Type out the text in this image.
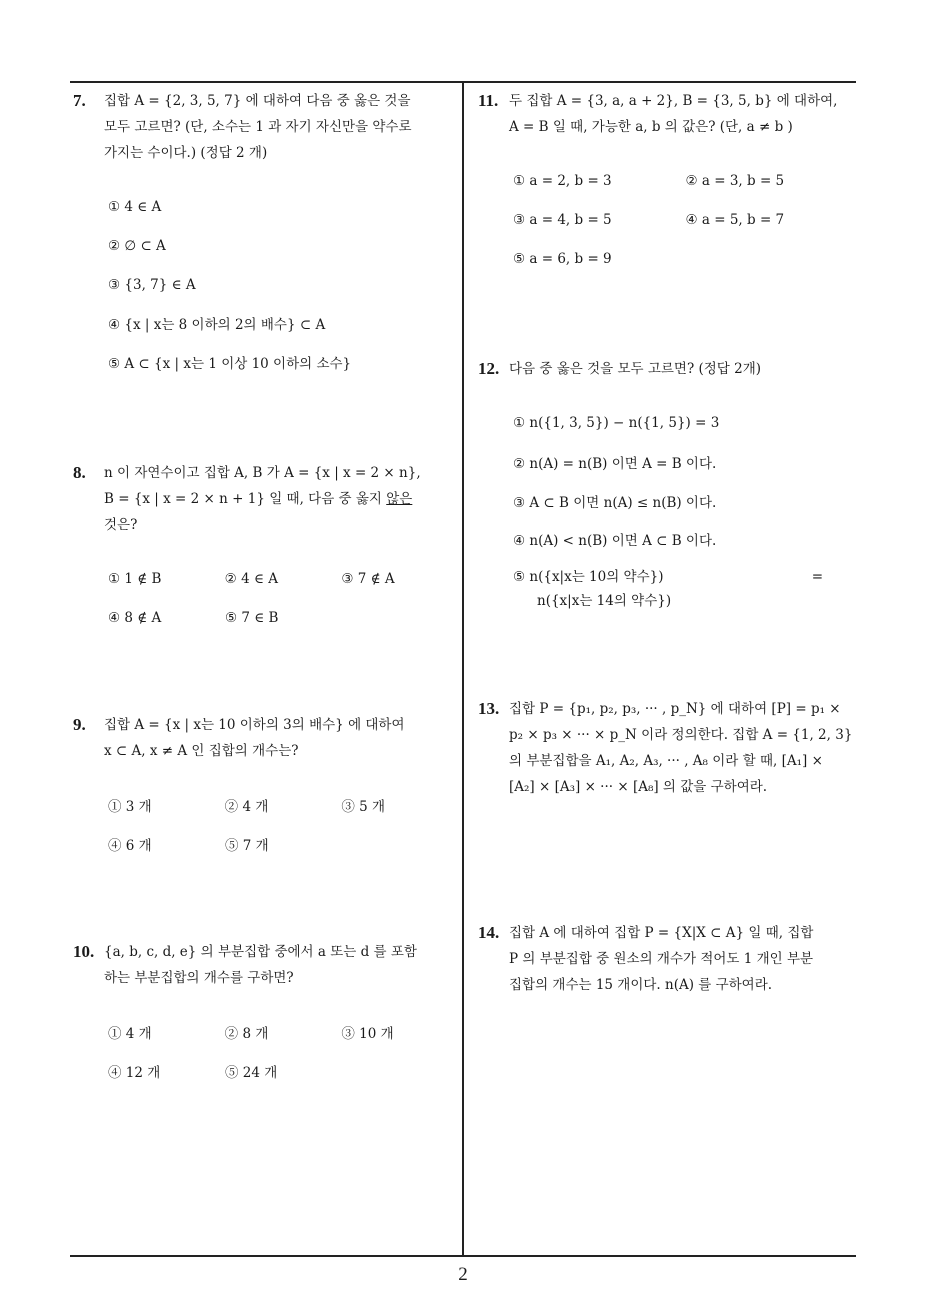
7.	집합 A = {2, 3, 5, 7} 에 대하여 다음 중 옳은 것을
모두 고르면? (단, 소수는 1 과 자기 자신만을 약수로
가지는 수이다.) (정답 2 개)
① 4 ∈ A
② ∅ ⊂ A
③ {3, 7} ∈ A
④ {x | x는 8 이하의 2의 배수} ⊂ A
⑤ A ⊂ {x | x는 1 이상 10 이하의 소수}
8.	n 이 자연수이고 집합 A, B 가 A = {x | x = 2 × n},
B = {x | x = 2 × n + 1} 일 때, 다음 중 옳지 않은
것은?
① 1 ∉ B	② 4 ∈ A	③ 7 ∉ A
④ 8 ∉ A	⑤ 7 ∈ B
9.	집합 A = {x | x는 10 이하의 3의 배수} 에 대하여
x ⊂ A, x ≠ A 인 집합의 개수는?
① 3 개	② 4 개	③ 5 개
④ 6 개	⑤ 7 개
10. {a, b, c, d, e} 의 부분집합 중에서 a 또는 d 를 포함
하는 부분집합의 개수를 구하면?
① 4 개	② 8 개	③ 10 개
④ 12 개	⑤ 24 개
11. 두 집합 A = {3, a, a + 2}, B = {3, 5, b} 에 대하여,
A = B 일 때, 가능한 a, b 의 값은? (단, a ≠ b )
① a = 2, b = 3	② a = 3, b = 5
③ a = 4, b = 5	④ a = 5, b = 7
⑤ a = 6, b = 9
12. 다음 중 옳은 것을 모두 고르면? (정답 2개)
① n({1, 3, 5}) − n({1, 5}) = 3
② n(A) = n(B) 이면 A = B 이다.
③ A ⊂ B 이면 n(A) ≤ n(B) 이다.
④ n(A) < n(B) 이면 A ⊂ B 이다.
⑤ n({x|x는 10의 약수})	=
n({x|x는 14의 약수})
13. 집합 P = {p₁, p₂, p₃, ··· , p_N} 에 대하여 [P] = p₁ ×
p₂ × p₃ × ··· × p_N 이라 정의한다. 집합 A = {1, 2, 3}
의 부분집합을 A₁, A₂, A₃, ··· , A₈ 이라 할 때, [A₁] ×
[A₂] × [A₃] × ··· × [A₈] 의 값을 구하여라.
14. 집합 A 에 대하여 집합 P = {X|X ⊂ A} 일 때, 집합
P 의 부분집합 중 원소의 개수가 적어도 1 개인 부분
집합의 개수는 15 개이다. n(A) 를 구하여라.
2
